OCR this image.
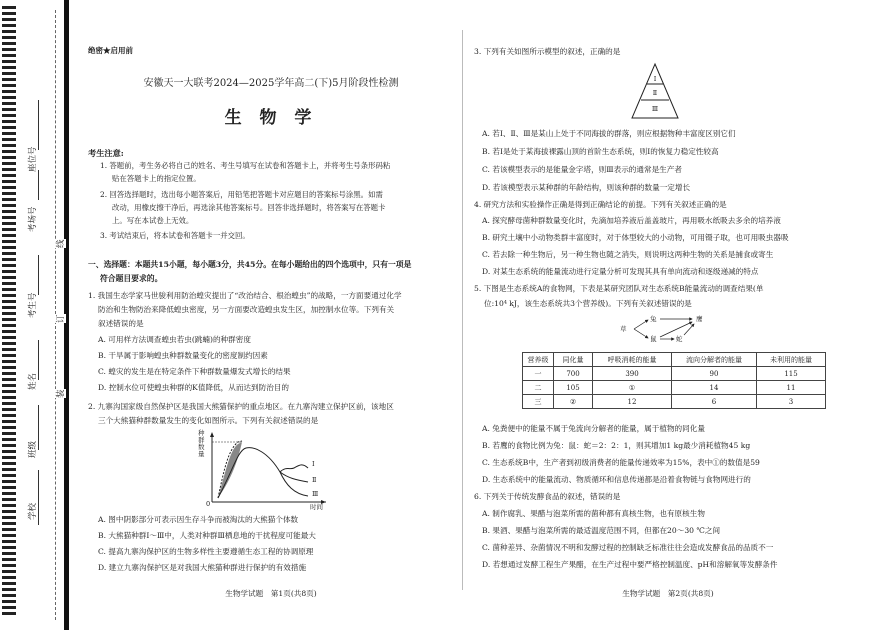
座位号
考场号
考生号
姓名
班级
学校
线
订
装
绝密★启用前
安徽天一大联考2024—2025学年高二(下)5月阶段性检测
生 物 学
考生注意:
1. 答题前，考生务必将自己的姓名、考生号填写在试卷和答题卡上，并将考生号条形码粘
贴在答题卡上的指定位置。
2. 回答选择题时，选出每小题答案后，用铅笔把答题卡对应题目的答案标号涂黑。如需
改动，用橡皮擦干净后，再选涂其他答案标号。回答非选择题时，将答案写在答题卡
上。写在本试卷上无效。
3. 考试结束后，将本试卷和答题卡一并交回。
一、选择题：本题共15小题，每小题3分，共45分。在每小题给出的四个选项中，只有一项是
符合题目要求的。
1. 我国生态学家马世骏利用防治蝗灾提出了“改治结合、根治蝗虫”的战略，一方面要通过化学
防治和生物防治来降低蝗虫密度，另一方面要改造蝗虫发生区，加控制水位等。下列有关
叙述错误的是
A. 可用样方法调查蝗虫若虫(跳蝻)的种群密度
B. 干旱属于影响蝗虫种群数量变化的密度制约因素
C. 蝗灾的发生是在特定条件下种群数量爆发式增长的结果
D. 控制水位可使蝗虫种群的K值降低，从而达到防治目的
2. 九寨沟国家级自然保护区是我国大熊猫保护的重点地区。在九寨沟建立保护区前，该地区
三个大熊猫种群数量发生的变化如图所示。下列有关叙述错误的是
种群数量
0	时间
Ⅰ
Ⅱ
Ⅲ
A. 图中阴影部分可表示因生存斗争而被淘汰的大熊猫个体数
B. 大熊猫种群Ⅰ～Ⅲ中，人类对种群Ⅲ栖息地的干扰程度可能最大
C. 提高九寨沟保护区的生物多样性主要遵循生态工程的协调原理
D. 建立九寨沟保护区是对我国大熊猫种群进行保护的有效措施
生物学试题　第1页(共8页)
3. 下列有关如图所示模型的叙述，正确的是
Ⅰ
Ⅱ
Ⅲ
A. 若Ⅰ、Ⅱ、Ⅲ是某山上处于不同海拔的群落，则应根据物种丰富度区别它们
B. 若Ⅰ是处于某海拔裸露山顶的首阶生态系统，则Ⅰ的恢复力稳定性较高
C. 若该模型表示的是能量金字塔，则Ⅲ表示的通常是生产者
D. 若该模型表示某种群的年龄结构，则该种群的数量一定增长
4. 研究方法和实验操作正确是得到正确结论的前提。下列有关叙述正确的是
A. 探究酵母菌种群数量变化时，先滴加培养液后盖盖玻片，再用吸水纸吸去多余的培养液
B. 研究土壤中小动物类群丰富度时，对于体型较大的小动物，可用镊子取，也可用吸虫器吸
C. 若去除一种生物后，另一种生物也随之消失，则说明这两种生物的关系是捕食或寄生
D. 对某生态系统的能量流动进行定量分析可发现其具有单向流动和逐级递减的特点
5. 下图是生态系统A的食物网，下表是某研究团队对生态系统B能量流动的调查结果(单
位:10⁴ kJ，该生态系统共3个营养级)。下列有关叙述错误的是
草
兔
鼠	蛇
鹰
营养级	同化量	呼吸消耗的能量	流向分解者的能量	未利用的能量
一	700	390	90	115
二	105	①	14	11
三	②	12	6	3
A. 兔粪便中的能量不属于兔流向分解者的能量，属于植物的同化量
B. 若鹰的食物比例为兔：鼠：蛇＝2：2：1，则其增加1 kg最少消耗植物45 kg
C. 生态系统B中，生产者到初级消费者的能量传递效率为15%，表中①的数值是59
D. 生态系统中的能量流动、物质循环和信息传递都是沿着食物链与食物网进行的
6. 下列关于传统发酵食品的叙述，错误的是
A. 制作腐乳、果醋与泡菜所需的菌种都有真核生物，也有原核生物
B. 果酒、果醋与泡菜所需的最适温度范围不同，但都在20～30 ℃之间
C. 菌种差异、杂菌情况不明和发酵过程的控制缺乏标准往往会造成发酵食品的品质不一
D. 若想通过发酵工程生产果醋，在生产过程中要严格控制温度、pH和溶解氧等发酵条件
生物学试题　第2页(共8页)
